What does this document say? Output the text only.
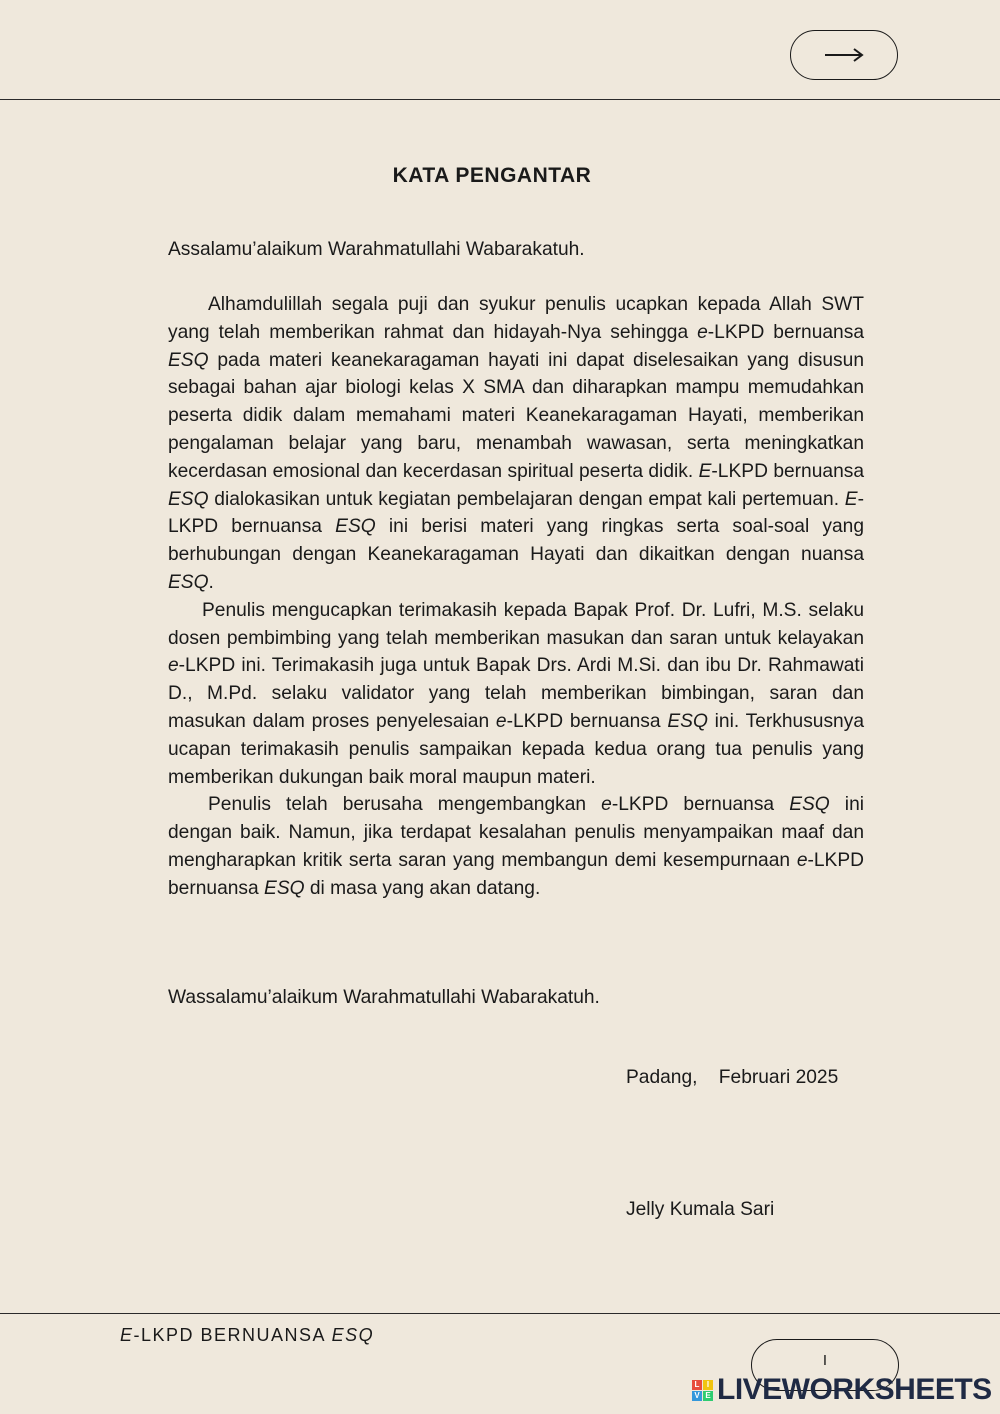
KATA PENGANTAR
Assalamu’alaikum Warahmatullahi Wabarakatuh.

Alhamdulillah segala puji dan syukur penulis ucapkan kepada Allah SWT yang telah memberikan rahmat dan hidayah-Nya sehingga e-LKPD bernuansa ESQ pada materi keanekaragaman hayati ini dapat diselesaikan yang disusun sebagai bahan ajar biologi kelas X SMA dan diharapkan mampu memudahkan peserta didik dalam memahami materi Keanekaragaman Hayati, memberikan pengalaman belajar yang baru, menambah wawasan, serta meningkatkan kecerdasan emosional dan kecerdasan spiritual peserta didik. E-LKPD bernuansa ESQ dialokasikan untuk kegiatan pembelajaran dengan empat kali pertemuan. E-LKPD bernuansa ESQ ini berisi materi yang ringkas serta soal-soal yang berhubungan dengan Keanekaragaman Hayati dan dikaitkan dengan nuansa ESQ.

Penulis mengucapkan terimakasih kepada Bapak Prof. Dr. Lufri, M.S. selaku dosen pembimbing yang telah memberikan masukan dan saran untuk kelayakan e-LKPD ini. Terimakasih juga untuk Bapak Drs. Ardi M.Si. dan ibu Dr. Rahmawati D., M.Pd. selaku validator yang telah memberikan bimbingan, saran dan masukan dalam proses penyelesaian e-LKPD bernuansa ESQ ini. Terkhususnya ucapan terimakasih penulis sampaikan kepada kedua orang tua penulis yang memberikan dukungan baik moral maupun materi.

Penulis telah berusaha mengembangkan e-LKPD bernuansa ESQ ini dengan baik. Namun, jika terdapat kesalahan penulis menyampaikan maaf dan mengharapkan kritik serta saran yang membangun demi kesempurnaan e-LKPD bernuansa ESQ di masa yang akan datang.

Wassalamu’alaikum Warahmatullahi Wabarakatuh.
Padang,    Februari 2025
Jelly Kumala Sari
E-LKPD BERNUANSA ESQ
I
L I
V E LIVEWORKSHEETS
